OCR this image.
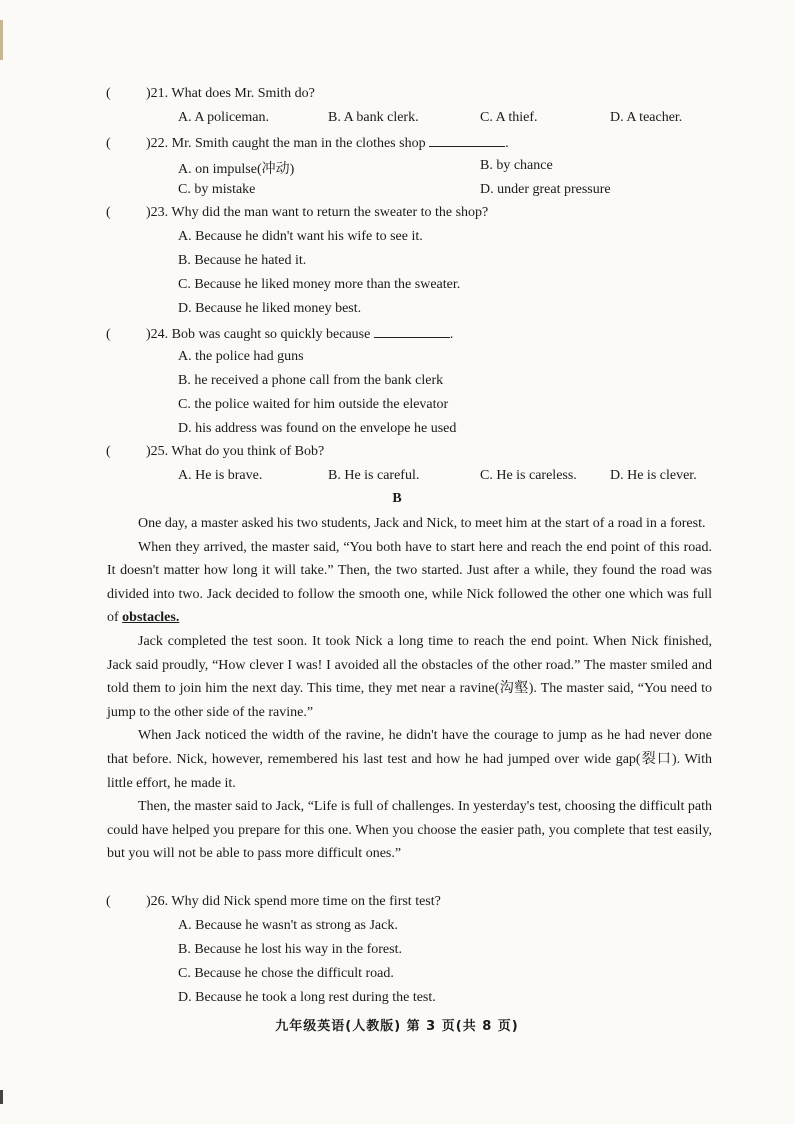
(	)21. What does Mr. Smith do?
A. A policeman.	B. A bank clerk.	C. A thief.	D. A teacher.
(	)22. Mr. Smith caught the man in the clothes shop	.
A. on impulse(冲动)	B. by chance
C. by mistake	D. under great pressure
(	)23. Why did the man want to return the sweater to the shop?
A. Because he didn't want his wife to see it.
B. Because he hated it.
C. Because he liked money more than the sweater.
D. Because he liked money best.
(	)24. Bob was caught so quickly because	.
A. the police had guns
B. he received a phone call from the bank clerk
C. the police waited for him outside the elevator
D. his address was found on the envelope he used
(	)25. What do you think of Bob?
A. He is brave.	B. He is careful.	C. He is careless. D. He is clever.
B

One day, a master asked his two students, Jack and Nick, to meet him at the start of a road in a forest.

When they arrived, the master said, “You both have to start here and reach the end point of this road. It doesn't matter how long it will take.” Then, the two started. Just after a while, they found the road was divided into two. Jack decided to follow the smooth one, while Nick followed the other one which was full of obstacles.

Jack completed the test soon. It took Nick a long time to reach the end point. When Nick finished, Jack said proudly, “How clever I was! I avoided all the obstacles of the other road.” The master smiled and told them to join him the next day. This time, they met near a ravine(沟壑). The master said, “You need to jump to the other side of the ravine.”

When Jack noticed the width of the ravine, he didn't have the courage to jump as he had never done that before. Nick, however, remembered his last test and how he had jumped over wide gap(裂口). With little effort, he made it.

Then, the master said to Jack, “Life is full of challenges. In yesterday's test, choosing the difficult path could have helped you prepare for this one. When you choose the easier path, you complete that test easily, but you will not be able to pass more difficult ones.”

(	)26. Why did Nick spend more time on the first test?
A. Because he wasn't as strong as Jack.
B. Because he lost his way in the forest.
C. Because he chose the difficult road.
D. Because he took a long rest during the test.
九年级英语(人教版) 第 3 页(共 8 页)
